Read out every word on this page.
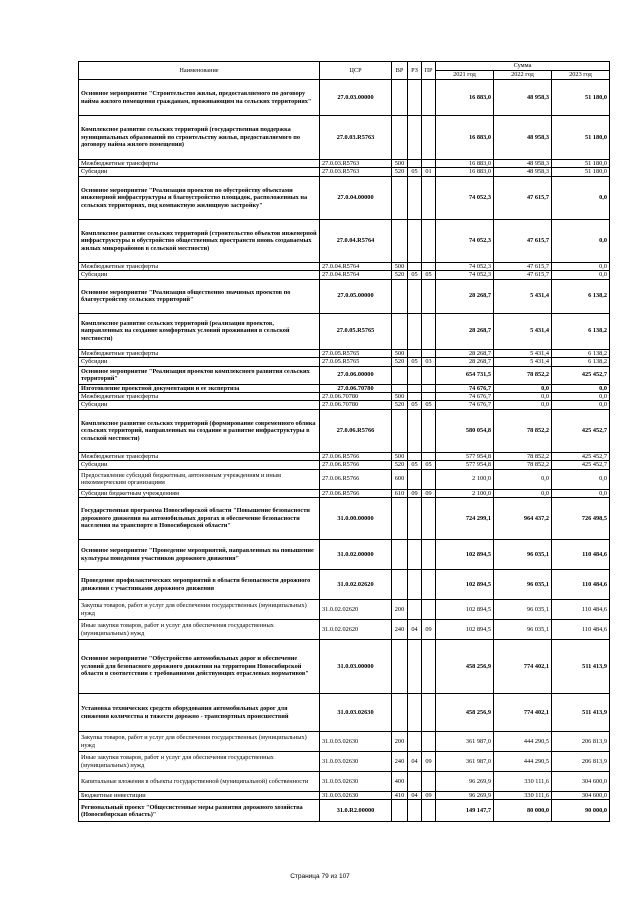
Наименование	ЦСР	ВР	РЗ	ПР	Сумма		
					2021 год	2022 год	2023 год
Основное мероприятие "Строительство жилья, предоставляемого по договору найма жилого помещения гражданам, проживающим на сельских территориях"	27.0.03.00000				16 883,0	48 958,3	51 180,0
Комплексное развитие сельских территорий (государственная поддержка муниципальных образований по строительству жилья, предоставляемого по договору найма жилого помещения)	27.0.03.R5763				16 883,0	48 958,3	51 180,0
Межбюджетные трансферты	27.0.03.R5763	500			16 883,0	48 958,3	51 180,0
Субсидии	27.0.03.R5763	520	05	01	16 883,0	48 958,3	51 180,0
Основное мероприятие "Реализация проектов по обустройству объектами инженерной инфраструктуры и благоустройство площадок, расположенных на сельских территориях, под компактную жилищную застройку"	27.0.04.00000				74 052,3	47 615,7	0,0
Комплексное развитие сельских территорий (строительство объектов инженерной инфраструктуры и обустройство общественных пространств вновь создаваемых жилых микрорайонов в сельской местности)	27.0.04.R5764				74 052,3	47 615,7	0,0
Межбюджетные трансферты	27.0.04.R5764	500			74 052,3	47 615,7	0,0
Субсидии	27.0.04.R5764	520	05	05	74 052,3	47 615,7	0,0
Основное мероприятие "Реализация общественно значимых проектов по благоустройству сельских территорий"	27.0.05.00000				28 268,7	5 431,4	6 138,2
Комплексное развитие сельских территорий (реализация проектов, направленных на создание комфортных условий проживания в сельской местности)	27.0.05.R5765				28 268,7	5 431,4	6 138,2
Межбюджетные трансферты	27.0.05.R5765	500			28 268,7	5 431,4	6 138,2
Субсидии	27.0.05.R5765	520	05	03	28 268,7	5 431,4	6 138,2
Основное мероприятие "Реализация проектов комплексного развития сельских территорий"	27.0.06.00000				654 731,5	78 852,2	425 452,7
Изготовление проектной документации и ее экспертиза	27.0.06.70780				74 676,7	0,0	0,0
Межбюджетные трансферты	27.0.06.70780	500			74 676,7	0,0	0,0
Субсидии	27.0.06.70780	520	05	05	74 676,7	0,0	0,0
Комплексное развитие сельских территорий (формирование современного облика сельских территорий, направленных на создание и развитие инфраструктуры в сельской местности)	27.0.06.R5766				580 054,8	78 852,2	425 452,7
Межбюджетные трансферты	27.0.06.R5766	500			577 954,8	78 852,2	425 452,7
Субсидии	27.0.06.R5766	520	05	05	577 954,8	78 852,2	425 452,7
Предоставление субсидий бюджетным, автономным учреждениям и иным некоммерческим организациям	27.0.06.R5766	600			2 100,0	0,0	0,0
Субсидии бюджетным учреждениям	27.0.06.R5766	610	09	09	2 100,0	0,0	0,0
Государственная программа Новосибирской области "Повышение безопасности дорожного движения на автомобильных дорогах и обеспечение безопасности населения на транспорте в Новосибирской области"	31.0.00.00000				724 299,1	964 437,2	726 498,5
Основное мероприятие "Проведение мероприятий, направленных на повышение культуры поведения участников дорожного движения"	31.0.02.00000				102 894,5	96 035,1	110 484,6
Проведение профилактических мероприятий в области безопасности дорожного движения с участниками дорожного движения	31.0.02.02620				102 894,5	96 035,1	110 484,6
Закупка товаров, работ и услуг для обеспечения государственных (муниципальных) нужд	31.0.02.02620	200			102 894,5	96 035,1	110 484,6
Иные закупки товаров, работ и услуг для обеспечения государственных (муниципальных) нужд	31.0.02.02620	240	04	09	102 894,5	96 035,1	110 484,6
Основное мероприятие "Обустройство автомобильных дорог и обеспечение условий для безопасного дорожного движения на территории Новосибирской области в соответствии с требованиями действующих отраслевых нормативов"	31.0.03.00000				458 256,9	774 402,1	511 413,9
Установка технических средств оборудования автомобильных дорог для снижения количества и тяжести дорожно - транспортных происшествий	31.0.03.02630				458 256,9	774 402,1	511 413,9
Закупка товаров, работ и услуг для обеспечения государственных (муниципальных) нужд	31.0.03.02630	200			361 987,0	444 290,5	206 813,9
Иные закупки товаров, работ и услуг для обеспечения государственных (муниципальных) нужд	31.0.03.02630	240	04	09	361 987,0	444 290,5	206 813,9
Капитальные вложения в объекты государственной (муниципальной) собственности	31.0.03.02630	400			96 269,9	330 111,6	304 600,0
Бюджетные инвестиции	31.0.03.02630	410	04	09	96 269,9	330 111,6	304 600,0
Региональный проект "Общесистемные меры развития дорожного хозяйства (Новосибирская область)"	31.0.R2.00000				149 147,7	80 000,0	90 000,0
Страница 79 из 107
